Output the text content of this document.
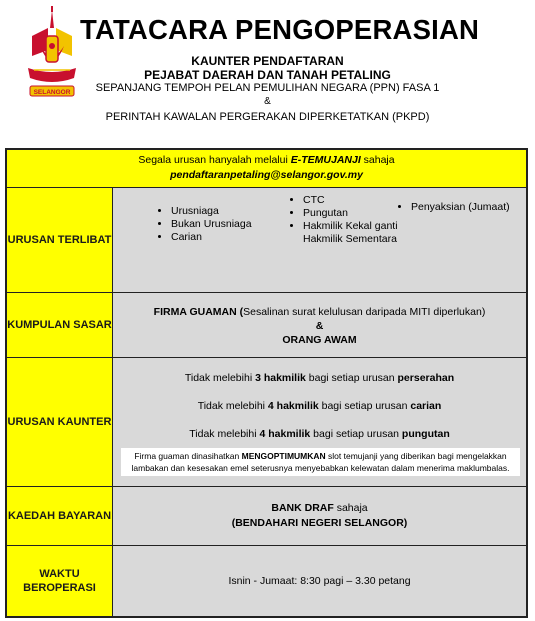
SELANGOR
TATACARA PENGOPERASIAN
KAUNTER PENDAFTARAN
PEJABAT DAERAH DAN TANAH PETALING
SEPANJANG TEMPOH PELAN PEMULIHAN NEGARA (PPN) FASA 1
&
PERINTAH KAWALAN PERGERAKAN DIPERKETATKAN (PKPD)
Segala urusan hanyalah melalui E-TEMUJANJI sahaja
pendaftaranpetaling@selangor.gov.my
URUSAN TERLIBAT
• Urusniaga
• Bukan Urusniaga
• Carian
• CTC
• Pungutan
• Hakmilik Kekal ganti Hakmilik Sementara
• Penyaksian (Jumaat)
KUMPULAN SASAR
FIRMA GUAMAN (Sesalinan surat kelulusan daripada MITI diperlukan)
&
ORANG AWAM
URUSAN KAUNTER
Tidak melebihi 3 hakmilik bagi setiap urusan perserahan
Tidak melebihi 4 hakmilik bagi setiap urusan carian
Tidak melebihi 4 hakmilik bagi setiap urusan pungutan
Firma guaman dinasihatkan MENGOPTIMUMKAN slot temujanji yang diberikan bagi mengelakkan lambakan dan kesesakan emel seterusnya menyebabkan kelewatan dalam menerima maklumbalas.
KAEDAH BAYARAN
BANK DRAF sahaja
(BENDAHARI NEGERI SELANGOR)
WAKTU BEROPERASI
Isnin - Jumaat: 8:30 pagi – 3.30 petang
